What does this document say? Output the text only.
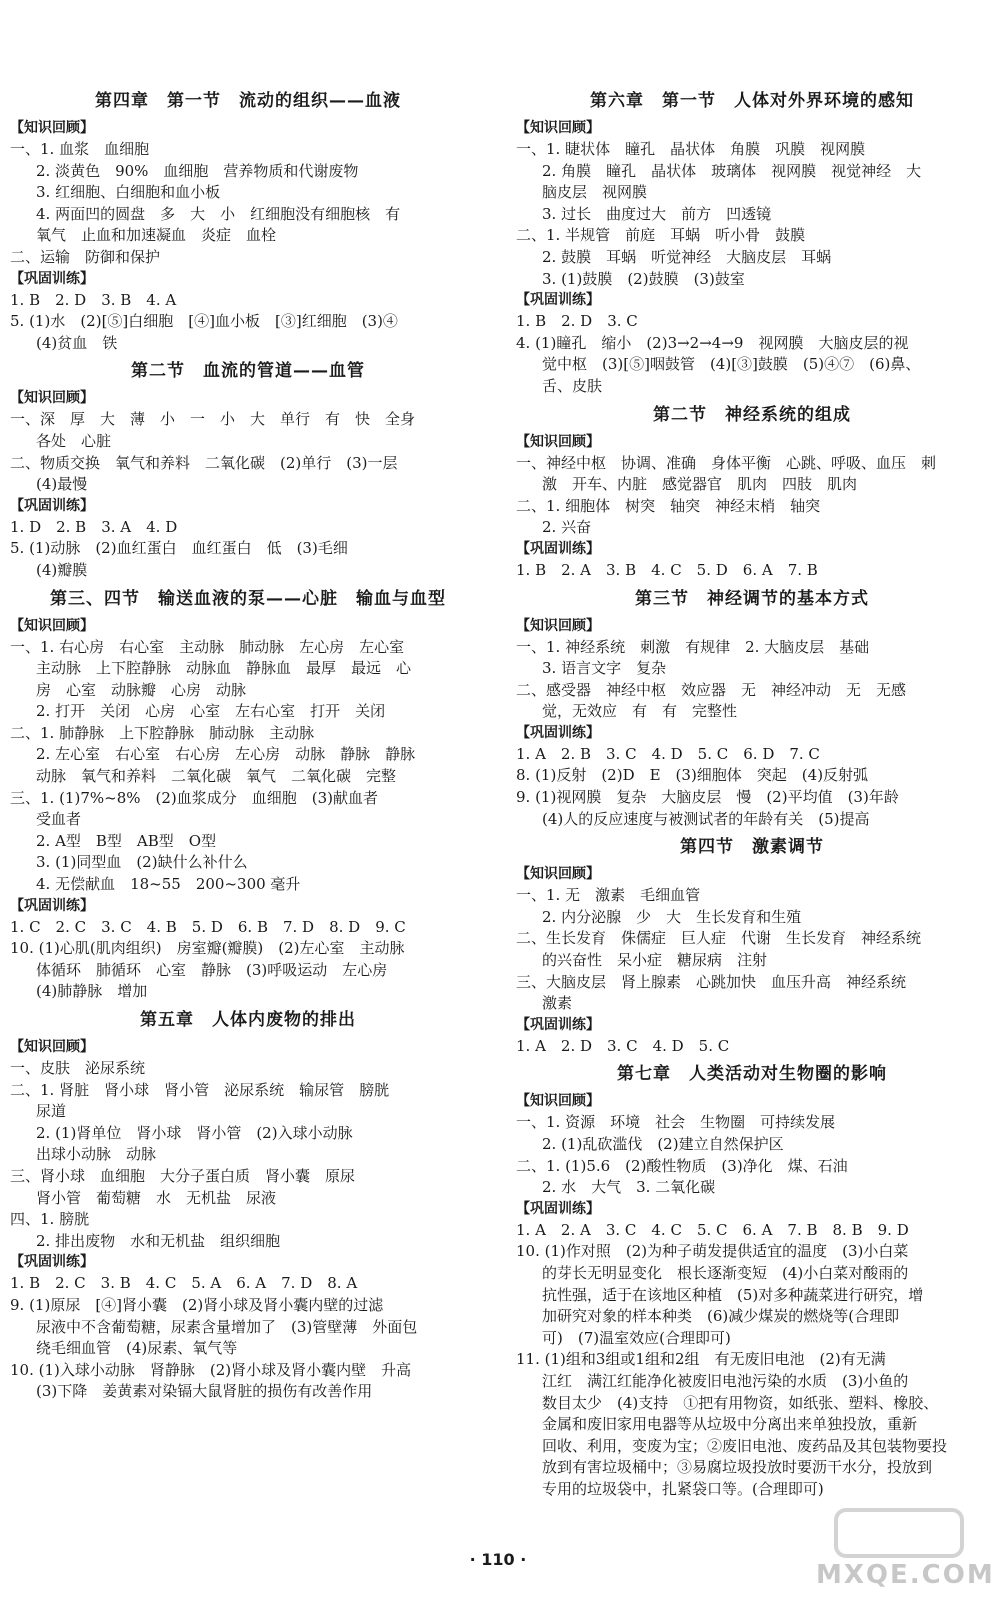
第四章　第一节　流动的组织——血液
【知识回顾】
一、1. 血浆　血细胞
2. 淡黄色　90%　血细胞　营养物质和代谢废物
3. 红细胞、白细胞和血小板
4. 两面凹的圆盘　多　大　小　红细胞没有细胞核　有
氧气　止血和加速凝血　炎症　血栓
二、运输　防御和保护
【巩固训练】
1. B　2. D　3. B　4. A
5. (1)水　(2)[⑤]白细胞　[④]血小板　[③]红细胞　(3)④
(4)贫血　铁
第二节　血流的管道——血管
【知识回顾】
一、深　厚　大　薄　小　一　小　大　单行　有　快　全身
各处　心脏
二、物质交换　氧气和养料　二氧化碳　(2)单行　(3)一层
(4)最慢
【巩固训练】
1. D　2. B　3. A　4. D
5. (1)动脉　(2)血红蛋白　血红蛋白　低　(3)毛细
(4)瓣膜
第三、四节　输送血液的泵——心脏　输血与血型
【知识回顾】
一、1. 右心房　右心室　主动脉　肺动脉　左心房　左心室
主动脉　上下腔静脉　动脉血　静脉血　最厚　最远　心
房　心室　动脉瓣　心房　动脉
2. 打开　关闭　心房　心室　左右心室　打开　关闭
二、1. 肺静脉　上下腔静脉　肺动脉　主动脉
2. 左心室　右心室　右心房　左心房　动脉　静脉　静脉
动脉　氧气和养料　二氧化碳　氧气　二氧化碳　完整
三、1. (1)7%~8%　(2)血浆成分　血细胞　(3)献血者
受血者
2. A型　B型　AB型　O型
3. (1)同型血　(2)缺什么补什么
4. 无偿献血　18~55　200~300 毫升
【巩固训练】
1. C　2. C　3. C　4. B　5. D　6. B　7. D　8. D　9. C
10. (1)心肌(肌肉组织)　房室瓣(瓣膜)　(2)左心室　主动脉
体循环　肺循环　心室　静脉　(3)呼吸运动　左心房
(4)肺静脉　增加
第五章　人体内废物的排出
【知识回顾】
一、皮肤　泌尿系统
二、1. 肾脏　肾小球　肾小管　泌尿系统　输尿管　膀胱
尿道
2. (1)肾单位　肾小球　肾小管　(2)入球小动脉
出球小动脉　动脉
三、肾小球　血细胞　大分子蛋白质　肾小囊　原尿
肾小管　葡萄糖　水　无机盐　尿液
四、1. 膀胱
2. 排出废物　水和无机盐　组织细胞
【巩固训练】
1. B　2. C　3. B　4. C　5. A　6. A　7. D　8. A
9. (1)原尿　[④]肾小囊　(2)肾小球及肾小囊内壁的过滤
尿液中不含葡萄糖，尿素含量增加了　(3)管壁薄　外面包
绕毛细血管　(4)尿素、氧气等
10. (1)入球小动脉　肾静脉　(2)肾小球及肾小囊内壁　升高
(3)下降　姜黄素对染镉大鼠肾脏的损伤有改善作用
第六章　第一节　人体对外界环境的感知
【知识回顾】
一、1. 睫状体　瞳孔　晶状体　角膜　巩膜　视网膜
2. 角膜　瞳孔　晶状体　玻璃体　视网膜　视觉神经　大
脑皮层　视网膜
3. 过长　曲度过大　前方　凹透镜
二、1. 半规管　前庭　耳蜗　听小骨　鼓膜
2. 鼓膜　耳蜗　听觉神经　大脑皮层　耳蜗
3. (1)鼓膜　(2)鼓膜　(3)鼓室
【巩固训练】
1. B　2. D　3. C
4. (1)瞳孔　缩小　(2)3→2→4→9　视网膜　大脑皮层的视
觉中枢　(3)[⑤]咽鼓管　(4)[③]鼓膜　(5)④⑦　(6)鼻、
舌、皮肤
第二节　神经系统的组成
【知识回顾】
一、神经中枢　协调、准确　身体平衡　心跳、呼吸、血压　刺
激　开车、内脏　感觉器官　肌肉　四肢　肌肉
二、1. 细胞体　树突　轴突　神经末梢　轴突
2. 兴奋
【巩固训练】
1. B　2. A　3. B　4. C　5. D　6. A　7. B
第三节　神经调节的基本方式
【知识回顾】
一、1. 神经系统　刺激　有规律　2. 大脑皮层　基础
3. 语言文字　复杂
二、感受器　神经中枢　效应器　无　神经冲动　无　无感
觉，无效应　有　有　完整性
【巩固训练】
1. A　2. B　3. C　4. D　5. C　6. D　7. C
8. (1)反射　(2)D　E　(3)细胞体　突起　(4)反射弧
9. (1)视网膜　复杂　大脑皮层　慢　(2)平均值　(3)年龄
(4)人的反应速度与被测试者的年龄有关　(5)提高
第四节　激素调节
【知识回顾】
一、1. 无　激素　毛细血管
2. 内分泌腺　少　大　生长发育和生殖
二、生长发育　侏儒症　巨人症　代谢　生长发育　神经系统
的兴奋性　呆小症　糖尿病　注射
三、大脑皮层　肾上腺素　心跳加快　血压升高　神经系统
激素
【巩固训练】
1. A　2. D　3. C　4. D　5. C
第七章　人类活动对生物圈的影响
【知识回顾】
一、1. 资源　环境　社会　生物圈　可持续发展
2. (1)乱砍滥伐　(2)建立自然保护区
二、1. (1)5.6　(2)酸性物质　(3)净化　煤、石油
2. 水　大气　3. 二氧化碳
【巩固训练】
1. A　2. A　3. C　4. C　5. C　6. A　7. B　8. B　9. D
10. (1)作对照　(2)为种子萌发提供适宜的温度　(3)小白菜
的芽长无明显变化　根长逐渐变短　(4)小白菜对酸雨的
抗性强，适于在该地区种植　(5)对多种蔬菜进行研究，增
加研究对象的样本种类　(6)减少煤炭的燃烧等(合理即
可)　(7)温室效应(合理即可)
11. (1)组和3组或1组和2组　有无废旧电池　(2)有无满
江红　满江红能净化被废旧电池污染的水质　(3)小鱼的
数目太少　(4)支持　①把有用物资，如纸张、塑料、橡胶、
金属和废旧家用电器等从垃圾中分离出来单独投放，重新
回收、利用，变废为宝；②废旧电池、废药品及其包装物要投
放到有害垃圾桶中；③易腐垃圾投放时要沥干水分，投放到
专用的垃圾袋中，扎紧袋口等。(合理即可)
· 110 ·
MXQE.COM
